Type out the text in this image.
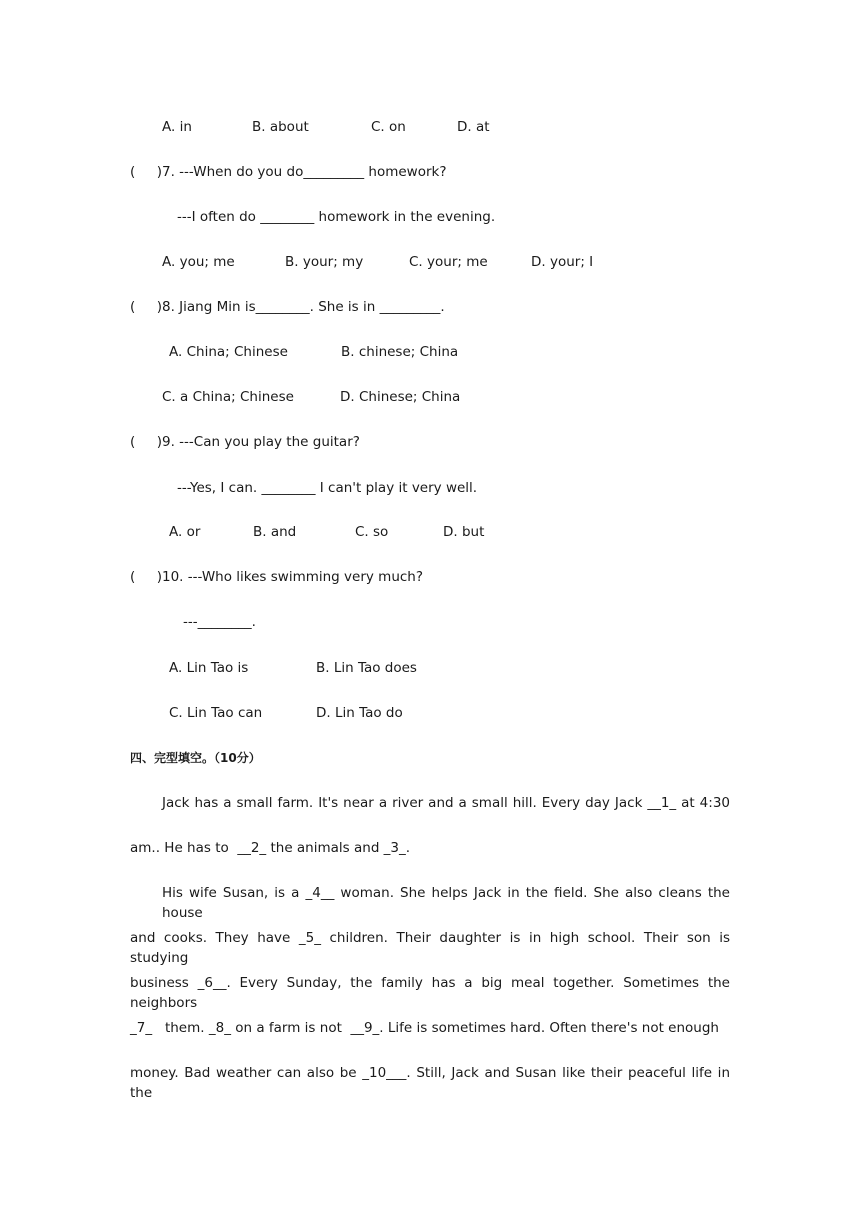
A. in	B. about	C. on	D. at
(     ) 7. ---When do you do_________ homework?
---I often do ________ homework in the evening.
A. you; me	B. your; my	C. your; me	D. your; I
(     ) 8. Jiang Min is________. She is in _________.
A. China; Chinese	B. chinese; China
C. a China; Chinese	D. Chinese; China
(     ) 9. ---Can you play the guitar?
---Yes, I can. ________ I can't play it very well.
A. or	B. and	C. so	D. but
(     ) 10. ---Who likes swimming very much?
---________.
A. Lin Tao is	B. Lin Tao does
C. Lin Tao can	D. Lin Tao do
四、完型填空。（10分）
Jack has a small farm. It's near a river and a small hill. Every day Jack __1_ at 4:30
am.. He has to  __2_ the animals and _3_.
His wife Susan, is a _4__ woman. She helps Jack in the field. She also cleans the house
and cooks. They have _5_ children. Their daughter is in high school. Their son is studying
business _6__. Every Sunday, the family has a big meal together. Sometimes the neighbors
_7_   them. _8_ on a farm is not  __9_. Life is sometimes hard. Often there's not enough
money. Bad weather can also be _10___. Still, Jack and Susan like their peaceful life in the
